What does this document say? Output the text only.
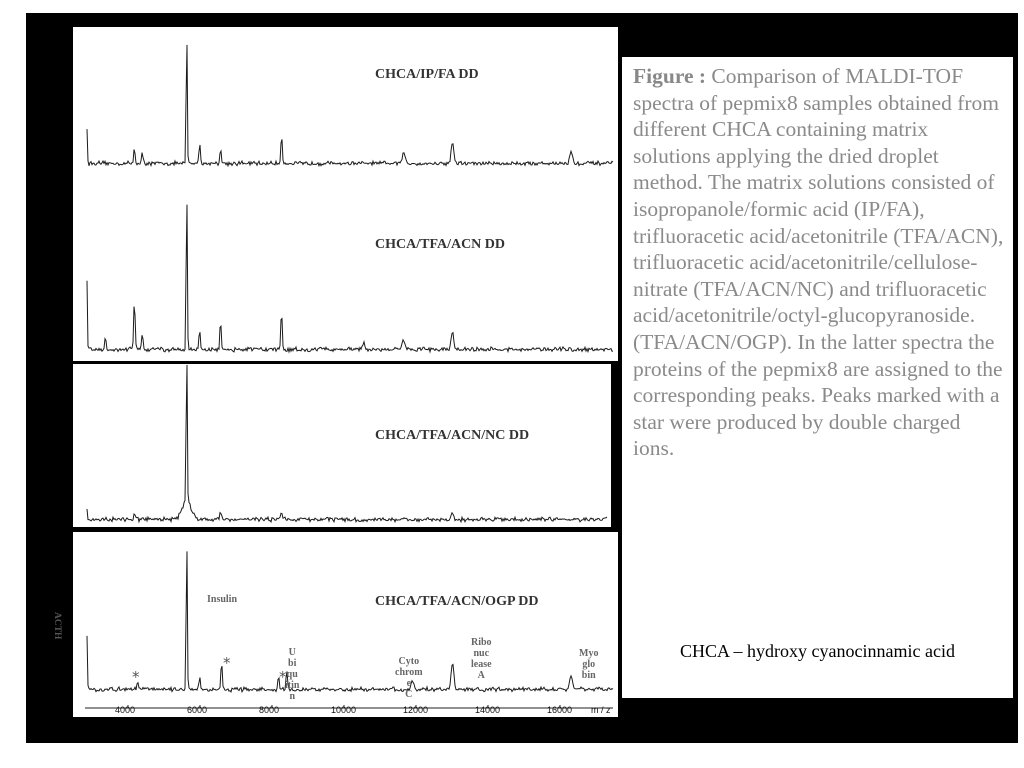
CHCA/IP/FA DD
CHCA/TFA/ACN DD
CHCA/TFA/ACN/NC DD
CHCA/TFA/ACN/OGP DD
Insulin
U
bi
qu
itin
n
Cyto
chrom
e
C
Ribo
nuc
lease
A
Myo
glo
bin
*
*
*
4000	6000	8000	10000	12000	14000	16000 m / z
ACTH
Figure : Comparison of MALDI-TOF spectra of pepmix8 samples obtained from different CHCA containing matrix solutions applying the dried droplet method. The matrix solutions consisted of isopropanole/formic acid (IP/FA), trifluoracetic acid/acetonitrile (TFA/ACN), trifluoracetic acid/acetonitrile/cellulose-nitrate (TFA/ACN/NC) and trifluoracetic acid/acetonitrile/octyl-glucopyranoside.(TFA/ACN/OGP). In the latter spectra the proteins of the pepmix8 are assigned to the corresponding peaks. Peaks marked with a star were produced by double charged ions.
CHCA – hydroxy cyanocinnamic acid
